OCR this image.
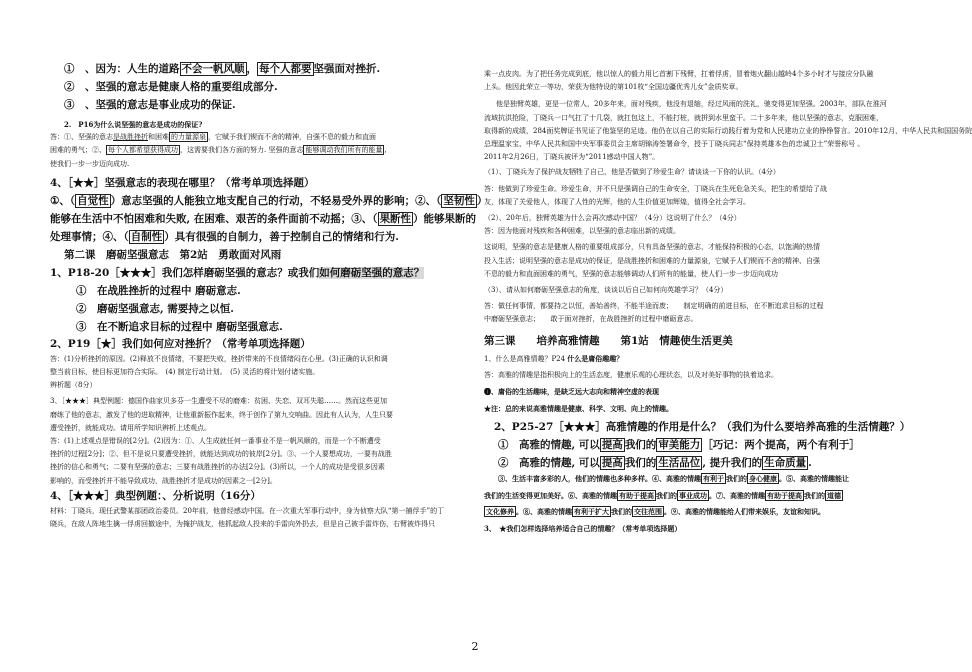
①　、因为：人生的道路 不会一帆风顺 ， 每个人都要 坚强面对挫折.

②　、坚强的意志是健康人格的重要组成部分.

③　、坚强的意志是事业成功的保证.

2.　P16为什么说坚强的意志是成功的保证?

答：①、坚强的意志是战胜挫折和困难 的力量源泉 ，它赋予我们锲而不舍的精神，自强不息的毅力和直面

困难的勇气；②、 每个人都希望获得成功 ，这需要我们各方面的努力. 坚强的意志 能够调动我们所有的能量 ,

使我们一步一步迈向成功.

4、［★★］坚强意志的表现在哪里？（常考单项选择题）

①、（ 自觉性 ）意志坚强的人能独立地支配自己的行动，不轻易受外界的影响；②、（ 坚韧性 ）

能够在生活中不怕困难和失败, 在困难、艰苦的条件面前不动摇；③、（ 果断性 ）能够果断的

处理事情；④、（ 自制性 ）具有很强的自制力，善于控制自己的情绪和行为.

第二课　磨砺坚强意志　第2站　勇敢面对风雨

1、P18-20［★★★］我们怎样磨砺坚强的意志？或我们如何磨砺坚强的意志？

①　在战胜挫折的过程中 磨砺意志.

②　磨砺坚强意志, 需要持之以恒.

③　在不断追求目标的过程中 磨砺坚强意志.

2、P19［★］我们如何应对挫折？（常考单项选择题）

答：(1)分析挫折的原因。(2)释放不良情绪，不要把失败，挫折带来的不良情绪闷在心里。(3)正确的认识和调

整当前目标，使目标更加符合实际。　(4) 制定行动计划。　(5) 灵活的将计划付诸实施。

辨析题（8分）

3、［★★★］典型例题：德国作曲家贝多芬一生遭受不尽的磨难：贫困、失恋、双耳失聪……。然而这些更加

磨练了他的意志，激发了他的进取精神，让他重新振作起来，终于创作了第九交响曲。因此有人认为，人生只要

遭受挫折，就能成功。请用所学知识辨析上述观点。

答：(1)上述观点是错误的[2分]。(2)因为：①、人生成就任何一番事业不是一帆风顺的，而是一个不断遭受

挫折的过程[2分]；②、但不是说只要遭受挫折，就能达到成功的彼岸[2分]。③、一个人要想成功，一要有战胜

挫折的信心和勇气；二要有坚强的意志；三要有战胜挫折的办法[2分]。(3)所以，一个人的成功是受很多因素

影响的，而受挫折并不能导致成功，战胜挫折才是成功的因素之一[2分]。

4、［★★★］典型例题：、分析说明（16分）

材料：丁晓兵，现任武警某部团政治委员。20年前，他曾经感动中国。在一次重大军事行动中，身为侦察大队“第一捕俘手”的丁

晓兵，在敌人阵地生擒一俘虏回撤途中，为掩护战友，他抓起敌人投来的手雷向外扔去，但是自己被手雷炸伤，右臂被炸得只

乘一点皮肉。为了把任务完成到底，他以惊人的毅力用匕首割下残臂，扛着俘虏，冒着炮火翻山越岭4个多小时才与接应分队融

上头。他因此荣立一等功，荣获为他特设的第101枚“全国边疆优秀儿女”金质奖章。

他是独臂英雄，更是一位常人，20多年来，面对残疾，他没有退缩，经过风雨的洗礼，驰变得更加坚强。2003年，部队在淮河

流域抗洪抢险，丁晓兵一口气扛了十几袋，就扛包这上，不能打桩，就拼到水里蛮干。二十多年来，他以坚强的意志，克服困难，

取得新的成绩，284面奖牌证书见证了他鉴坚的足迹。他仍在以自己的实际行动践行着为党和人民建功立业的铮铮誓言。2010年12月，中华人民共和国国务院

总理温家宝、中华人民共和国中央军事委员会主席胡锦涛签署命令，授予丁晓兵同志“保持英雄本色的忠诚卫士”荣誉称号 。

2011年2月26日，丁晓兵被评为“2011感动中国人物”。

（1）、丁晓兵为了保护战友牺牲了自己，他是否做到了珍爱生命？请谈谈一下你的认识。（4分）

答：他做到了珍爱生命。珍爱生命，并不只是强调自己的生命安全，丁晓兵在生死危急关头，把生的希望给了战

友，体现了关爱他人，体现了人性的光辉，他的人生价值更加辉煌，值得全社会学习。

（2）、20年后，独臂英雄为什么会再次感动中国？（4分）这说明了什么？（4分）

答：因为他面对残疾和各种困难，以坚强的意志临出新的成绩。

这说明，坚强的意志是健康人格的重要组成部分，只有具备坚强的意志，才能保持积极的心态，以饱满的热情

投入生活；说明坚强的意志是成功的保证，是战胜挫折和困难的力量源泉，它赋予人们锲而不舍的精神、自强

不息的毅力和直面困难的勇气，坚强的意志能够调动人们所有的能量，使人们一步一步迈向成功

（3）、请从如何磨砺坚强意志的角度，谈谈以后自己如何向英雄学习？（4分）

答：做任何事情，都要持之以恒，善始善终，不能半途而废；　　制定明确的前进目标，在不断追求目标的过程

中磨砺坚强意志；　　敢于面对挫折，在战胜挫折的过程中磨砺意志。

第三课　　培养高雅情趣　　第1站　情趣使生活更美

1、什么是高雅情趣？P24 什么是庸俗趣趣？

答：高雅的情趣是指积极向上的生活态度，健康乐观的心理状态，以及对美好事物的执着追求。

❶、庸俗的生活趣味，是缺乏远大志向和精神空虚的表现

★注：总的来说高雅情趣是健康、科学、文明、向上的情趣。

2、P25-27［★★★］高雅情趣的作用是什么？（我们为什么要培养高雅的生活情趣？）

①　高雅的情趣, 可以 提高 我们的 审美能力 ［巧记：两个提高，两个有利于］

②　高雅的情趣, 可以 提高 我们的 生活品位 , 提升我们的 生命质量 .

③、生活丰富多彩的人，他们的情趣也多种多样。④、高雅的情趣 有利于 我们的 身心健康 。⑤、高雅的情趣能让

我们的生活变得更加美好。⑥、高雅的情趣 有助于提高 我们的 事业成功 。⑦、高雅的情趣 有助于提高 我们的 道德

文化修养 。⑧、高雅的情趣 有利于扩大 我们的 交往范围 。⑨、高雅的情趣能给人们带来娱乐，友谊和知识。

3、　★我们怎样选择培养适合自己的情趣？（常考单项选择题）

2
